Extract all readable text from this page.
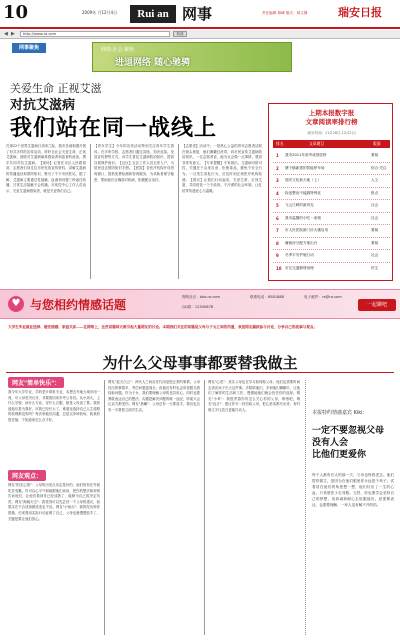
10	2009年 月12月4日	Rui an 网事	责任编辑 林峰 版式：林文静	瑞安日报
◀ ▶	http://www.ra.com	转到
网事聚焦	网络·社会·聚焦
进退网络 随心驰骋
关爱生命 正视艾滋
对抗艾滋病
我们站在同一战线上
在第22个世界艾滋病日到来之际，我市各地相继开展了形式多样的宣传活动，呼吁全社会关爱生命，正视艾滋病，消除对艾滋病病毒感染者和患者的歧视，携手共同对抗艾滋病。【现场】记者在市区人民路看到，志愿者们向过往市民发放宣传资料，讲解艾滋病的传播途径和预防知识，吸引了不少市民驻足。据了解，艾滋病主要通过性接触、血液和母婴三种途径传播，日常生活接触不会传播。市疾控中心工作人员表示，关爱艾滋病感染者，就是关爱我们自己。
【青年学生】今年的宣传活动特别关注青年学生群体。在多所学校，志愿者们通过讲座、知识竞赛、发放宣传册等方式，向学生普及艾滋病防治知识，提高自我保护意识。【社区】社区工作人员走家入户，为居民送去预防知识手册。【医院】各医疗机构开设咨询窗口，提供免费检测和咨询服务，为求助者保守秘密，帮助他们正确面对疾病，积极配合治疗。
【志愿者】活动中，一批热心公益的青年志愿者活跃在街头巷尾，他们佩戴红丝带，向市民宣传艾滋病防治知识。一位志愿者说，能为社会做一点事情，感到非常有意义。【专家提醒】专家指出，艾滋病可防可控，关键在于洁身自爱，拒绝毒品，避免不安全行为。一旦发生高危行为，应及时到正规医疗机构检测。【倡议】让我们行动起来，关爱生命，正视艾滋，共同营造一个不歧视、不冷漠的社会环境，让红丝带传递爱心与温暖。
上期本报数字报
文章阅读率排行榜
（统计时间：11月26日-12月2日）
排名	文章题目	版面
1 我市2011年高考成绩放榜	要闻
2 塘下镇新建的智能停车场	综合·关注
3 瑞安文化新天地（上）	人文
4 拆违整治不能搞特殊化	焦点
5 飞云江畔的新风光	社会
6 我市温馨的小吃一条街	社会
7 市人民医院新门诊大楼启用	要闻
8 廉租房分配方案出台	要闻
9 冬季平安护航行动	社会
10 市区交通拥堵治理	民生
♥ 与您相约情感话题
网络社区：bbs.ra.com	联系电话：6581888	电子邮件：ra@ra.com
QQ群：12345678	一起聊吧
大学生毕业就业选择、婚恋情感、家庭关系……在网络上，这些话题每天都引起大量网友的讨论。本期我们关注的话题是父母与子女之间的沟通，欢迎网友踊跃参与讨论，分享自己的故事与观点。
为什么父母事事都要替我做主
网友"简单快乐"：
我今年大学毕业，学的是计算机专业，本想去外地大城市闯一闯，可父母坚决反对，非要我回家乡考公务员。从小到大，上什么学校、读什么专业、穿什么衣服，都是父母说了算。我知道他们是为我好，可我已经长大了，难道连选择自己人生道路的权利都没有吗？每次和他们沟通，总是以争吵收场，我真的很苦恼，不知道该怎么办才好。
网友观点：
网友"阳光心情"：父母的出发点肯定是好的，他们怕你在外面吃苦受累。你可以心平气和地跟他们谈谈，把你的想法和规划告诉他们，让他们看到你已经成熟了，能够为自己的决定负责。网友"海阔天空"：我觉得可以先尝试一下父母的建议，如果实在不合适再做改变也不迟。网友"小雨点"：我的经历和你很像，后来我用实际行动证明了自己，父母也就慢慢放手了，关键是要让他们放心。
网友"蓝天白云"：两代人之间存在代沟是很正常的事情，父母经历的事情多，考虑问题更周全，但他们有时也会用老眼光看待新问题。作为子女，我们要理解父母的良苦用心，同时也要勇敢表达自己的想法。沟通是解决问题的唯一途径，吵架只会让双方都受伤。网友"晨曦"：父母总有一天要放手，我们也总有一天要独立面对生活。
网友"心语"：其实父母也在学习如何做父母，他们也需要时间去适应孩子长大这件事。多陪陪他们，多和他们聊聊天，让他们了解你的生活和工作，慢慢地他们就会信任你的选择。网友"小草"：我很羡慕你有这么关心你的父母，珍惜吧。网友"远方"：建议你写一封信给父母，把心里话都写出来，有时候文字比语言更能打动人。
本报特约情感嘉宾 Kiki：
一定不要忽视父母
没有人会
比他们更爱你
每个人都有长大的那一天，父母也终将老去。他们替你做主，是因为在他们眼里你永远是个孩子。试着站在他们的角度想一想，他们付出了一生的心血，只希望你少走弯路。当然，你也要学会坚持自己的梦想，用真诚和耐心去说服他们。爱需要表达，也需要理解，一家人没有解不开的结。
